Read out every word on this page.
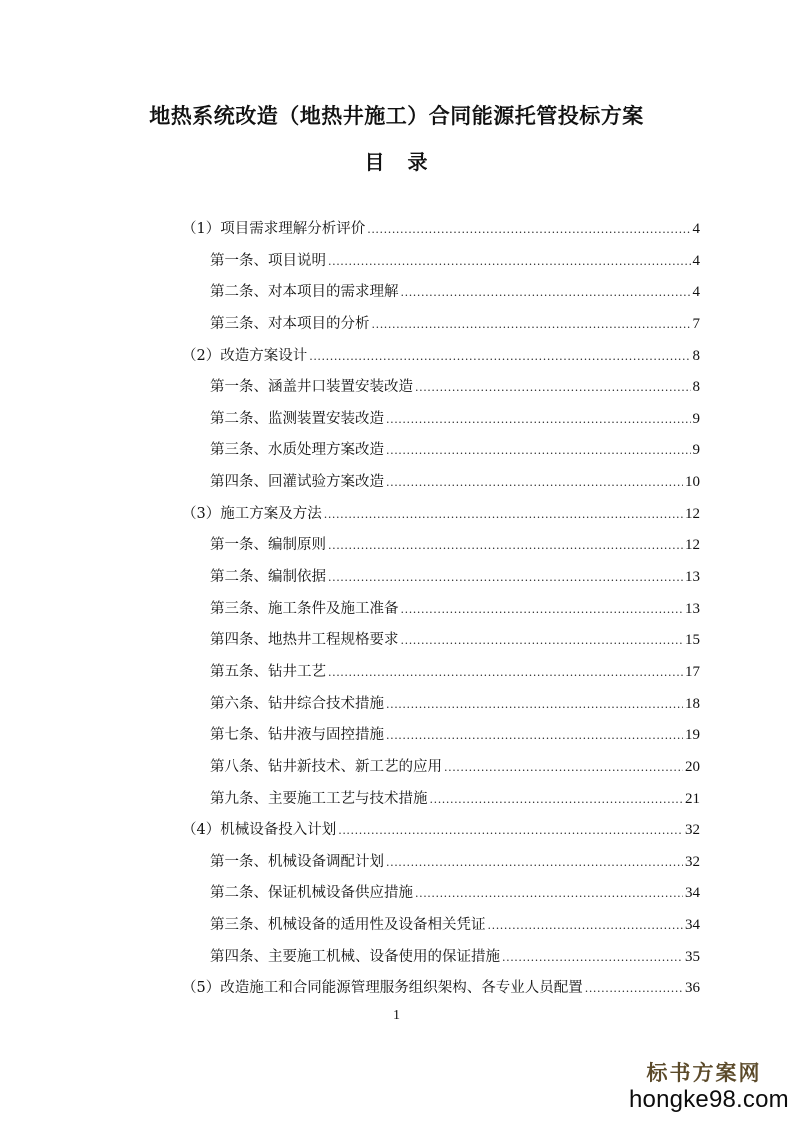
地热系统改造（地热井施工）合同能源托管投标方案
目 录
（1）项目需求理解分析评价 .....	4
第一条、项目说明 .....	4
第二条、对本项目的需求理解 .....	4
第三条、对本项目的分析 .....	7
（2）改造方案设计 .....	8
第一条、涵盖井口装置安装改造 .....	8
第二条、监测装置安装改造 .....	9
第三条、水质处理方案改造 .....	9
第四条、回灌试验方案改造 .....	10
（3）施工方案及方法 .....	12
第一条、编制原则 .....	12
第二条、编制依据 .....	13
第三条、施工条件及施工准备 .....	13
第四条、地热井工程规格要求 .....	15
第五条、钻井工艺 .....	17
第六条、钻井综合技术措施 .....	18
第七条、钻井液与固控措施 .....	19
第八条、钻井新技术、新工艺的应用 .....	20
第九条、主要施工工艺与技术措施 .....	21
（4）机械设备投入计划 .....	32
第一条、机械设备调配计划 .....	32
第二条、保证机械设备供应措施 .....	34
第三条、机械设备的适用性及设备相关凭证 .....	34
第四条、主要施工机械、设备使用的保证措施 .....	35
（5）改造施工和合同能源管理服务组织架构、各专业人员配置 .....	36
1
标书方案网
hongke98.com
